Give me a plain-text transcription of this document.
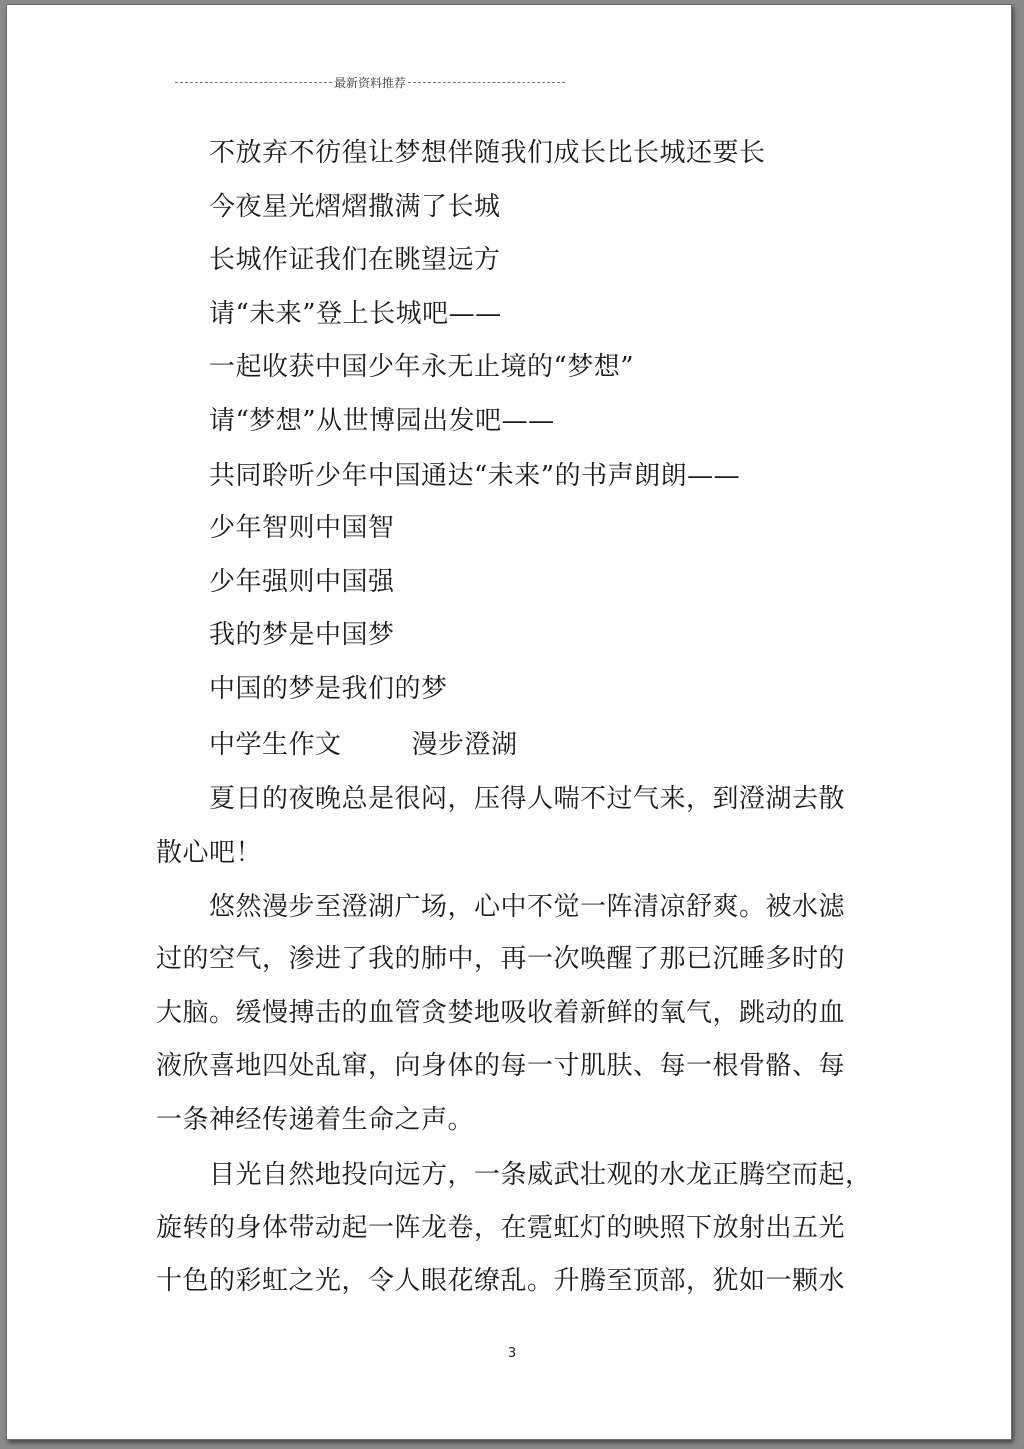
最新资料推荐
不放弃不彷徨让梦想伴随我们成长比长城还要长
今夜星光熠熠撒满了长城
长城作证我们在眺望远方
请“未来”登上长城吧——
一起收获中国少年永无止境的“梦想”
请“梦想”从世博园出发吧——
共同聆听少年中国通达“未来”的书声朗朗——
少年智则中国智
少年强则中国强
我的梦是中国梦
中国的梦是我们的梦
中学生作文	漫步澄湖
夏日的夜晚总是很闷，压得人喘不过气来，到澄湖去散
散心吧！
悠然漫步至澄湖广场，心中不觉一阵清凉舒爽。被水滤
过的空气，渗进了我的肺中，再一次唤醒了那已沉睡多时的
大脑。缓慢搏击的血管贪婪地吸收着新鲜的氧气，跳动的血
液欣喜地四处乱窜，向身体的每一寸肌肤、每一根骨骼、每
一条神经传递着生命之声。
目光自然地投向远方，一条威武壮观的水龙正腾空而起，
旋转的身体带动起一阵龙卷，在霓虹灯的映照下放射出五光
十色的彩虹之光，令人眼花缭乱。升腾至顶部，犹如一颗水
3
